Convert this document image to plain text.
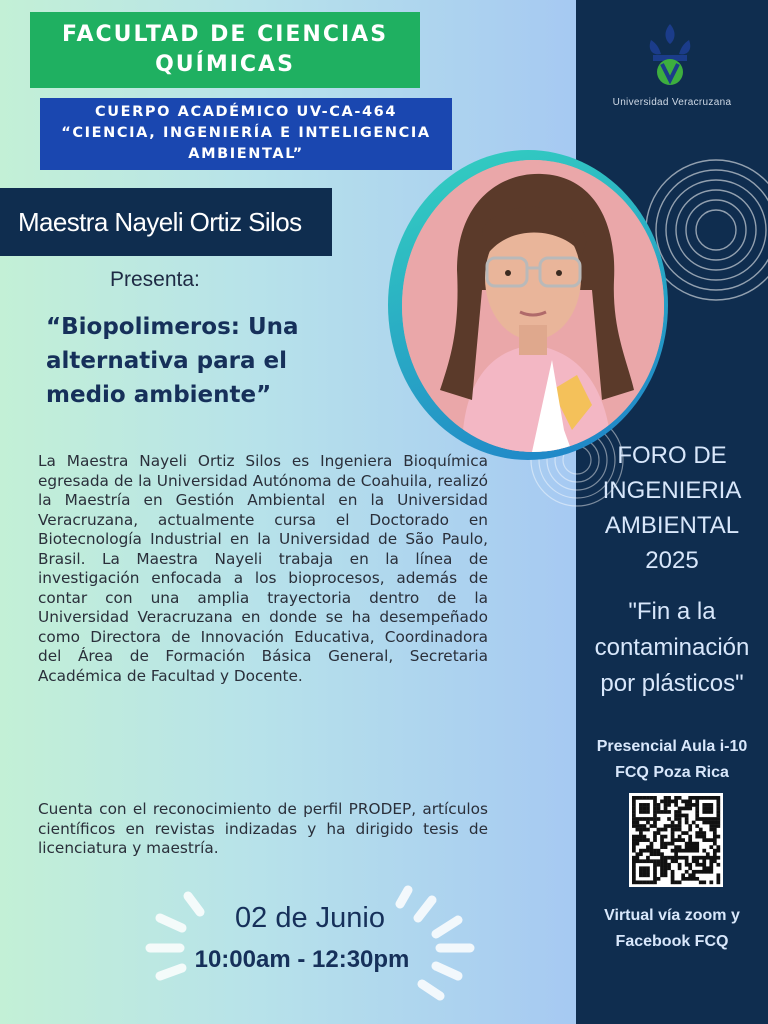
FACULTAD DE CIENCIAS
QUÍMICAS
CUERPO ACADÉMICO UV-CA-464
“CIENCIA, INGENIERÍA E INTELIGENCIA
AMBIENTAL”
Maestra Nayeli Ortiz Silos
Presenta:
“Biopolimeros: Una alternativa para el medio ambiente”
La Maestra Nayeli Ortiz Silos es Ingeniera Bioquímica egresada de la Universidad Autónoma de Coahuila, realizó la Maestría en Gestión Ambiental en la Universidad Veracruzana, actualmente cursa el Doctorado en Biotecnología Industrial en la Universidad de São Paulo, Brasil. La Maestra Nayeli trabaja en la línea de investigación enfocada a los bioprocesos, además de contar con una amplia trayectoria dentro de la Universidad Veracruzana en donde se ha desempeñado como Directora de Innovación Educativa, Coordinadora del Área de Formación Básica General, Secretaria Académica de Facultad y Docente.
Cuenta con el reconocimiento de perfil PRODEP, artículos científicos en revistas indizadas y ha dirigido tesis de licenciatura y maestría.
02 de Junio
10:00am - 12:30pm
Universidad Veracruzana
FORO DE
INGENIERIA
AMBIENTAL
2025
"Fin a la
contaminación
por plásticos"
Presencial Aula i-10
FCQ Poza Rica
Virtual vía zoom y
Facebook FCQ
